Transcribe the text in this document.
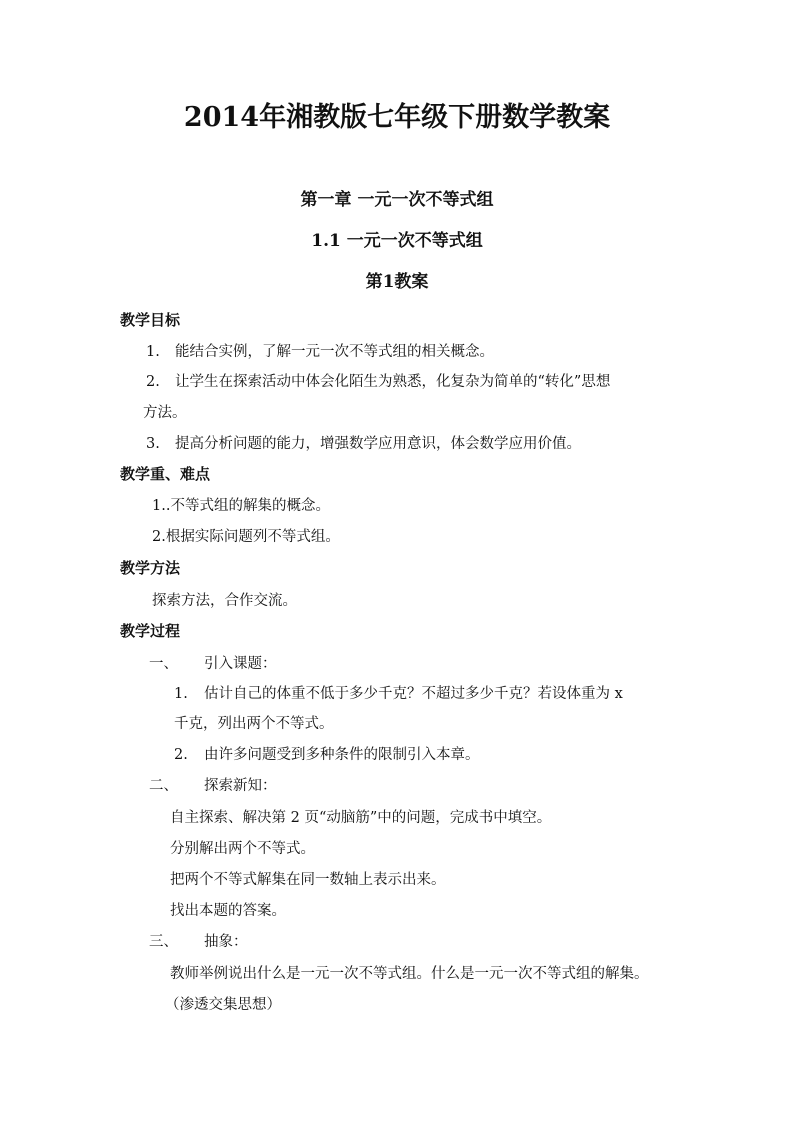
2014年湘教版七年级下册数学教案
第一章 一元一次不等式组
1.1 一元一次不等式组
第1教案
教学目标
1. 能结合实例，了解一元一次不等式组的相关概念。
2. 让学生在探索活动中体会化陌生为熟悉，化复杂为简单的“转化”思想
方法。
3. 提高分析问题的能力，增强数学应用意识，体会数学应用价值。
教学重、难点
1..不等式组的解集的概念。
2.根据实际问题列不等式组。
教学方法
探索方法，合作交流。
教学过程
一、 引入课题：
1. 估计自己的体重不低于多少千克？不超过多少千克？若设体重为 x
千克，列出两个不等式。
2. 由许多问题受到多种条件的限制引入本章。
二、 探索新知：
自主探索、解决第 2 页“动脑筋”中的问题，完成书中填空。
分别解出两个不等式。
把两个不等式解集在同一数轴上表示出来。
找出本题的答案。
三、 抽象：
教师举例说出什么是一元一次不等式组。什么是一元一次不等式组的解集。
（渗透交集思想）
